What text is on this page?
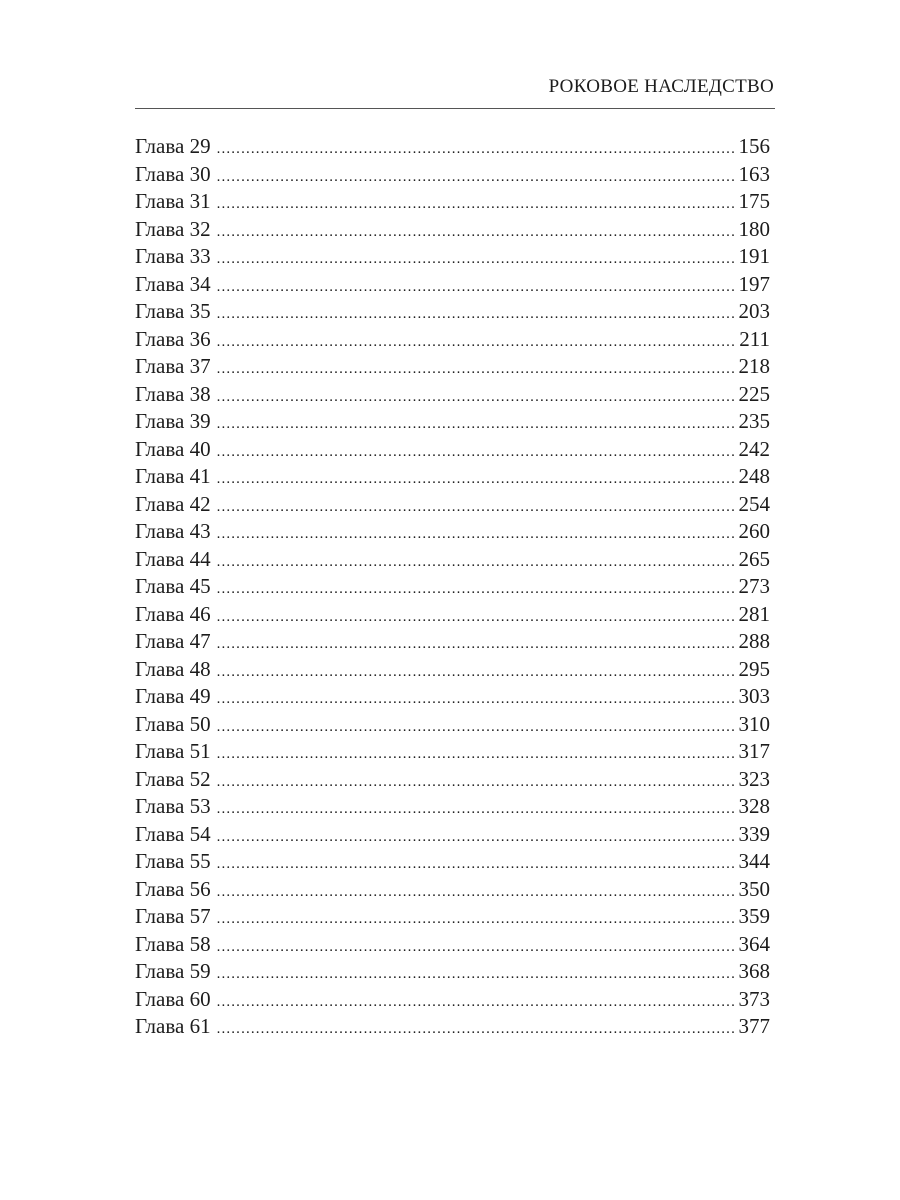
РОКОВОЕ НАСЛЕДСТВО
Глава 29 .....	156
Глава 30 .....	163
Глава 31 .....	175
Глава 32 .....	180
Глава 33 .....	191
Глава 34 .....	197
Глава 35 .....	203
Глава 36 .....	211
Глава 37 .....	218
Глава 38 .....	225
Глава 39 .....	235
Глава 40 .....	242
Глава 41 .....	248
Глава 42 .....	254
Глава 43 .....	260
Глава 44 .....	265
Глава 45 .....	273
Глава 46 .....	281
Глава 47 .....	288
Глава 48 .....	295
Глава 49 .....	303
Глава 50 .....	310
Глава 51 .....	317
Глава 52 .....	323
Глава 53 .....	328
Глава 54 .....	339
Глава 55 .....	344
Глава 56 .....	350
Глава 57 .....	359
Глава 58 .....	364
Глава 59 .....	368
Глава 60 .....	373
Глава 61 .....	377
